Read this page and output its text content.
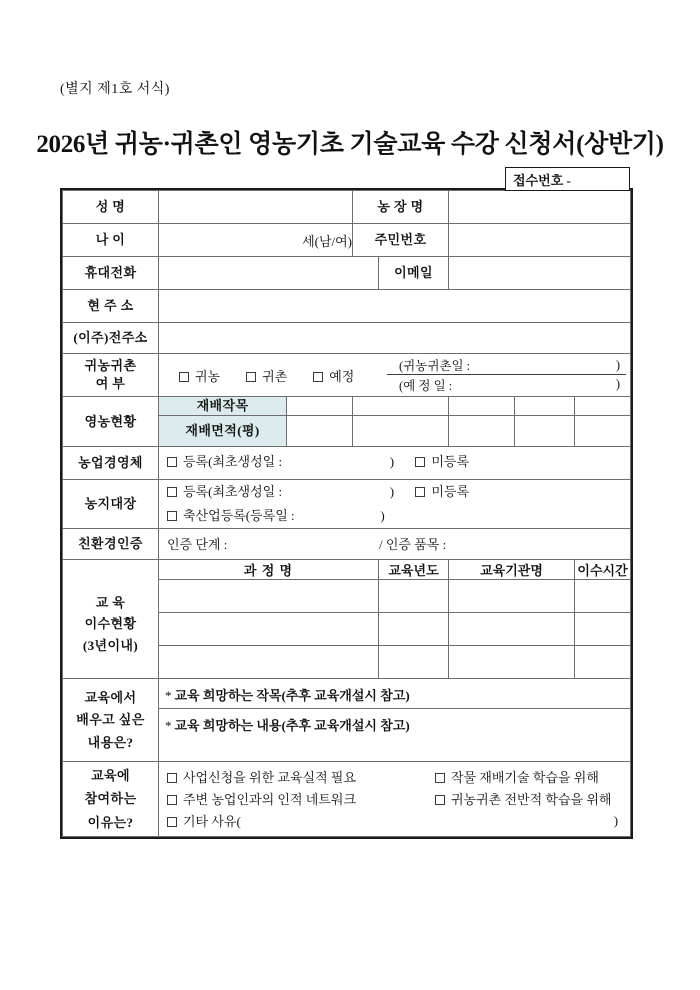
(별지 제1호 서식)
2026년 귀농·귀촌인 영농기초 기술교육 수강 신청서(상반기)
접수번호 -
성 명			농 장 명				
나 이	세(남/여)		주민번호				
휴대전화				이메일			
현 주 소							
(이주)전주소							

귀농귀촌
여 부	귀농	귀촌	예정
(귀농귀촌일 :	)
(예 정 일 :	)

영농현황	재배작목						
	재배면적(평)						
농업경영체	등록(최초생성일 : ) 미등록						

농지대장	등록(최초생성일 : ) 미등록
축산업등록(등록일 : )						

친환경인증	인증 단계 : / 인증 품목 :						

교 육
이수현황
(3년이내)	과 정 명			교육년도	교육기관명		이수시간

교육에서
배우고 싶은
내용은?	* 교육 희망하는 작목(추후 교육개설시 참고)						

	* 교육 희망하는 내용(추후 교육개설시 참고)						

교육에
참여하는
이유는?

사업신청을 위한 교육실적 필요	작물 재배기술 학습을 위해
주변 농업인과의 인적 네트워크	귀농귀촌 전반적 학습을 위해
기타 사유(	)
